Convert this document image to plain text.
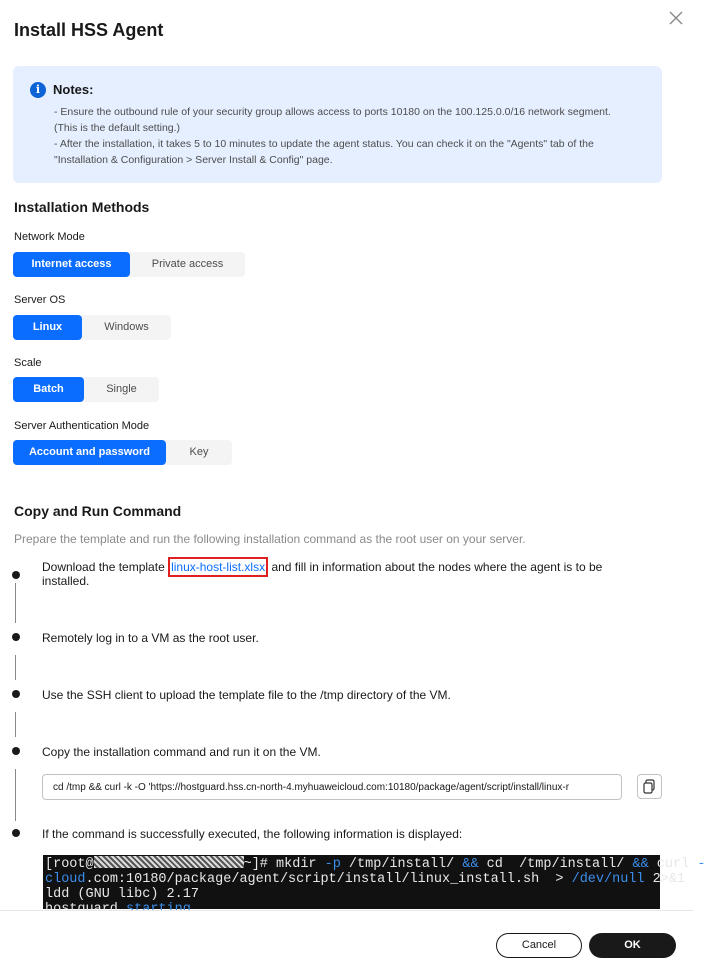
Install HSS Agent
i Notes:
- Ensure the outbound rule of your security group allows access to ports 10180 on the 100.125.0.0/16 network segment.
(This is the default setting.)
- After the installation, it takes 5 to 10 minutes to update the agent status. You can check it on the "Agents" tab of the
"Installation & Configuration > Server Install & Config" page.
Installation Methods
Network Mode
Internet access	Private access
Server OS
Linux	Windows
Scale
Batch	Single
Server Authentication Mode
Account and password	Key
Copy and Run Command
Prepare the template and run the following installation command as the root user on your server.
Download the template linux-host-list.xlsx and fill in information about the nodes where the agent is to be
installed.
Remotely log in to a VM as the root user.
Use the SSH client to upload the template file to the /tmp directory of the VM.
Copy the installation command and run it on the VM.
cd /tmp && curl -k -O 'https://hostguard.hss.cn-north-4.myhuaweicloud.com:10180/package/agent/script/install/linux-r
If the command is successfully executed, the following information is displayed:
[root@	~]# mkdir -p /tmp/install/ && cd  /tmp/install/ && curl -
cloud.com:10180/package/agent/script/install/linux_install.sh  > /dev/null 2>&1
ldd (GNU libc) 2.17
Cancel	OK
